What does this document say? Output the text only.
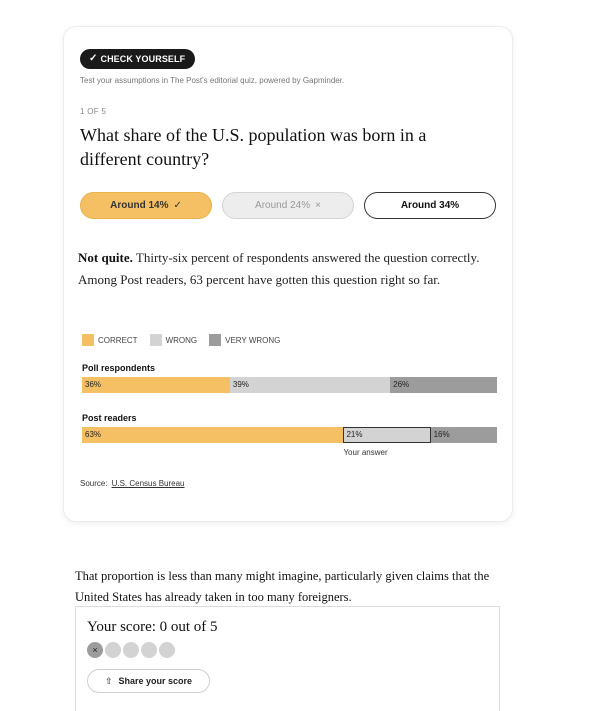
✓ CHECK YOURSELF
Test your assumptions in The Post's editorial quiz, powered by Gapminder.
1 OF 5
What share of the U.S. population was born in a different country?
Around 14% ✓	Around 24% ×	Around 34%
Not quite. Thirty-six percent of respondents answered the question correctly. Among Post readers, 63 percent have gotten this question right so far.
CORRECT	WRONG	VERY WRONG
Poll respondents
36%	39%	26%
Post readers
63%	21%	16%
Your answer
Source: U.S. Census Bureau
That proportion is less than many might imagine, particularly given claims that the United States has already taken in too many foreigners.
Your score: 0 out of 5
×
⇧ Share your score
